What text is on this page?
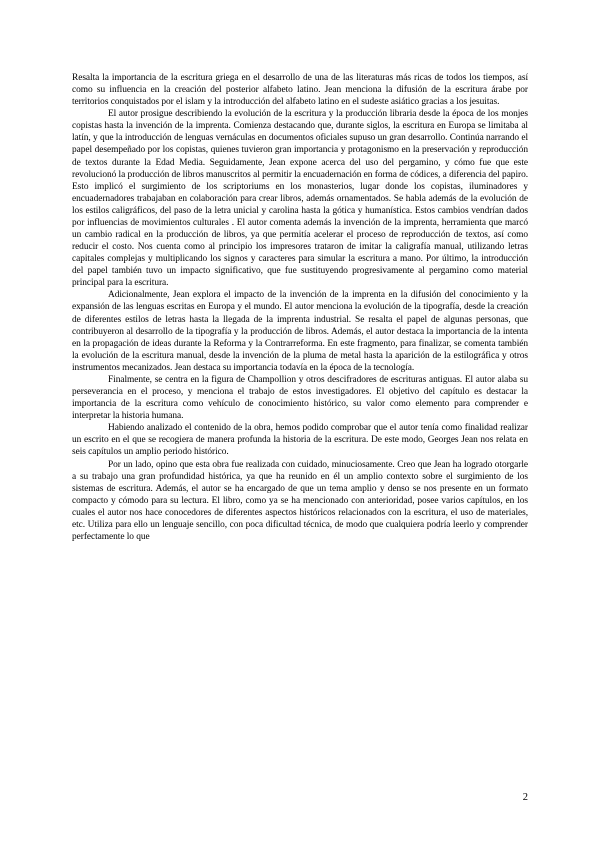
Resalta la importancia de la escritura griega en el desarrollo de una de las literaturas más ricas de todos los tiempos, así como su influencia en la creación del posterior alfabeto latino. Jean menciona la difusión de la escritura árabe por territorios conquistados por el islam y la introducción del alfabeto latino en el sudeste asiático gracias a los jesuitas.

El autor prosigue describiendo la evolución de la escritura y la producción libraria desde la época de los monjes copistas hasta la invención de la imprenta. Comienza destacando que, durante siglos, la escritura en Europa se limitaba al latín, y que la introducción de lenguas vernáculas en documentos oficiales supuso un gran desarrollo. Continúa narrando el papel desempeñado por los copistas, quienes tuvieron gran importancia y protagonismo en la preservación y reproducción de textos durante la Edad Media. Seguidamente, Jean expone acerca del uso del pergamino, y cómo fue que este revolucionó la producción de libros manuscritos al permitir la encuadernación en forma de códices, a diferencia del papiro. Esto implicó el surgimiento de los scriptoriums en los monasterios, lugar donde los copistas, iluminadores y encuadernadores trabajaban en colaboración para crear libros, además ornamentados. Se habla además de la evolución de los estilos caligráficos, del paso de la letra unicial y carolina hasta la gótica y humanística. Estos cambios vendrían dados por influencias de movimientos culturales . El autor comenta además la invención de la imprenta, herramienta que marcó un cambio radical en la producción de libros, ya que permitía acelerar el proceso de reproducción de textos, así como reducir el costo. Nos cuenta como al principio los impresores trataron de imitar la caligrafía manual, utilizando letras capitales complejas y multiplicando los signos y caracteres para simular la escritura a mano. Por último, la introducción del papel también tuvo un impacto significativo, que fue sustituyendo progresivamente al pergamino como material principal para la escritura.

Adicionalmente, Jean explora el impacto de la invención de la imprenta en la difusión del conocimiento y la expansión de las lenguas escritas en Europa y el mundo. El autor menciona la evolución de la tipografía, desde la creación de diferentes estilos de letras hasta la llegada de la imprenta industrial. Se resalta el papel de algunas personas, que contribuyeron al desarrollo de la tipografía y la producción de libros. Además, el autor destaca la importancia de la intenta en la propagación de ideas durante la Reforma y la Contrarreforma. En este fragmento, para finalizar, se comenta también la evolución de la escritura manual, desde la invención de la pluma de metal hasta la aparición de la estilográfica y otros instrumentos mecanizados. Jean destaca su importancia todavía en la época de la tecnología.

Finalmente, se centra en la figura de Champollion y otros descifradores de escrituras antiguas. El autor alaba su perseverancia en el proceso, y menciona el trabajo de estos investigadores. El objetivo del capítulo es destacar la importancia de la escritura como vehículo de conocimiento histórico, su valor como elemento para comprender e interpretar la historia humana.

Habiendo analizado el contenido de la obra, hemos podido comprobar que el autor tenía como finalidad realizar un escrito en el que se recogiera de manera profunda la historia de la escritura. De este modo, Georges Jean nos relata en seis capítulos un amplio periodo histórico.

Por un lado, opino que esta obra fue realizada con cuidado, minuciosamente. Creo que Jean ha logrado otorgarle a su trabajo una gran profundidad histórica, ya que ha reunido en él un amplio contexto sobre el surgimiento de los sistemas de escritura. Además, el autor se ha encargado de que un tema amplio y denso se nos presente en un formato compacto y cómodo para su lectura. El libro, como ya se ha mencionado con anterioridad, posee varios capítulos, en los cuales el autor nos hace conocedores de diferentes aspectos históricos relacionados con la escritura, el uso de materiales, etc. Utiliza para ello un lenguaje sencillo, con poca dificultad técnica, de modo que cualquiera podría leerlo y comprender perfectamente lo que

2
